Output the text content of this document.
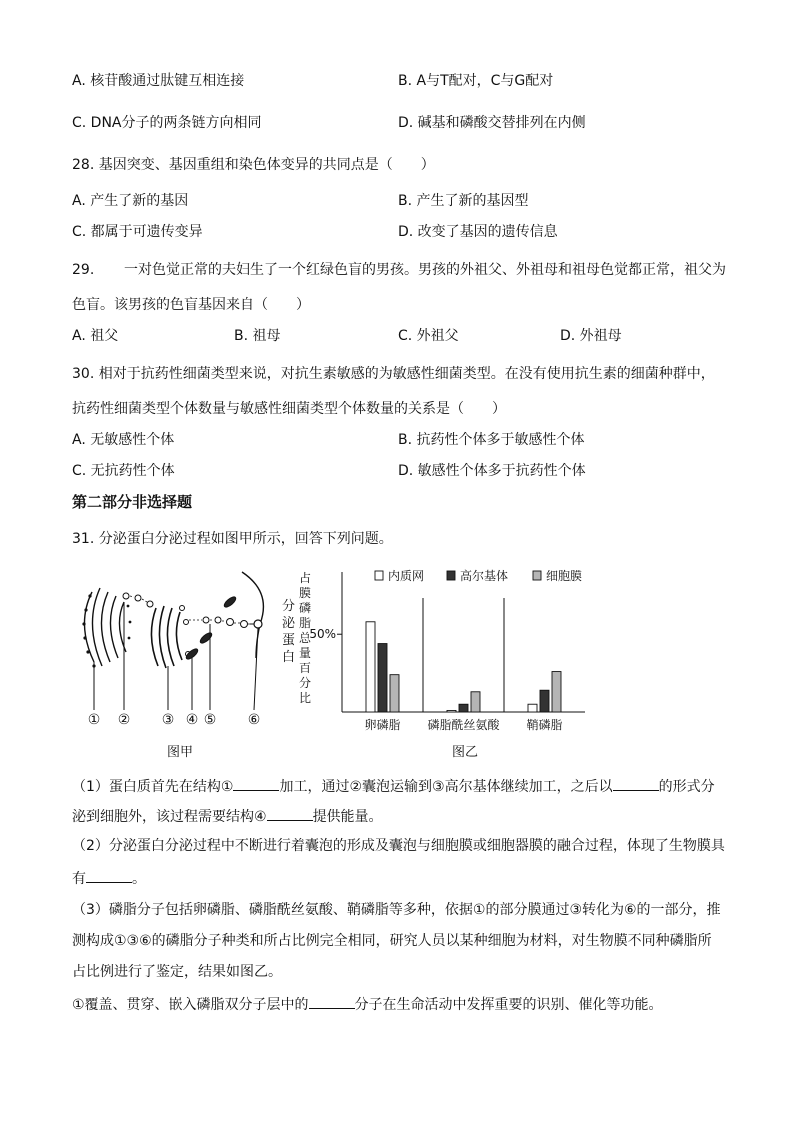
A. 核苷酸通过肽键互相连接	B. A与T配对，C与G配对
C. DNA分子的两条链方向相同	D. 碱基和磷酸交替排列在内侧
28. 基因突变、基因重组和染色体变异的共同点是（　　）
A. 产生了新的基因	B. 产生了新的基因型
C. 都属于可遗传变异	D. 改变了基因的遗传信息
29. 一对色觉正常的夫妇生了一个红绿色盲的男孩。男孩的外祖父、外祖母和祖母色觉都正常，祖父为
色盲。该男孩的色盲基因来自（　　）
A. 祖父	B. 祖母	C. 外祖父	D. 外祖母
30. 相对于抗药性细菌类型来说，对抗生素敏感的为敏感性细菌类型。在没有使用抗生素的细菌种群中，
抗药性细菌类型个体数量与敏感性细菌类型个体数量的关系是（　　）
A. 无敏感性个体	B. 抗药性个体多于敏感性个体
C. 无抗药性个体	D. 敏感性个体多于抗药性个体
第二部分非选择题
31. 分泌蛋白分泌过程如图甲所示，回答下列问题。
分
泌
蛋
白
① ② ③ ④ ⑤ ⑥
图甲
占
膜
磷
脂
总
量
百
分
比
内质网	高尔基体	细胞膜
卵磷脂 磷脂酰丝氨酸 鞘磷脂
图乙
50%
（1）蛋白质首先在结构①	加工，通过②囊泡运输到③高尔基体继续加工，之后以	的形式分
泌到细胞外，该过程需要结构④	提供能量。
（2）分泌蛋白分泌过程中不断进行着囊泡的形成及囊泡与细胞膜或细胞器膜的融合过程，体现了生物膜具
有	。
（3）磷脂分子包括卵磷脂、磷脂酰丝氨酸、鞘磷脂等多种，依据①的部分膜通过③转化为⑥的一部分，推
测构成①③⑥的磷脂分子种类和所占比例完全相同，研究人员以某种细胞为材料，对生物膜不同种磷脂所
占比例进行了鉴定，结果如图乙。
①覆盖、贯穿、嵌入磷脂双分子层中的	分子在生命活动中发挥重要的识别、催化等功能。
